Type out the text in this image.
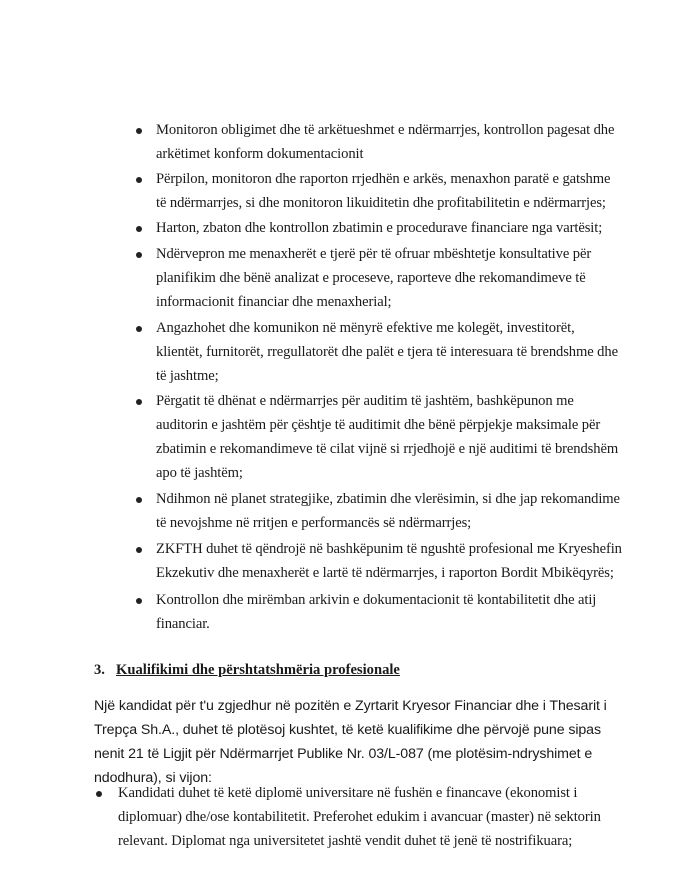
Monitoron obligimet dhe të arkëtueshmet e ndërmarrjes, kontrollon pagesat dhe arkëtimet konform dokumentacionit
Përpilon, monitoron dhe raporton rrjedhën e arkës, menaxhon paratë e gatshme të ndërmarrjes, si dhe monitoron likuiditetin dhe profitabilitetin e ndërmarrjes;
Harton, zbaton dhe kontrollon zbatimin e procedurave financiare nga vartësit;
Ndërvepron me menaxherët e tjerë për të ofruar mbështetje konsultative për planifikim dhe bënë analizat e proceseve, raporteve dhe rekomandimeve të informacionit financiar dhe menaxherial;
Angazhohet dhe komunikon në mënyrë efektive me kolegët, investitorët, klientët, furnitorët, rregullatorët dhe palët e tjera të interesuara të brendshme dhe të jashtme;
Përgatit të dhënat e ndërmarrjes për auditim të jashtëm, bashkëpunon me auditorin e jashtëm për çështje të auditimit dhe bënë përpjekje maksimale për zbatimin e rekomandimeve të cilat vijnë si rrjedhojë e një auditimi të brendshëm apo të jashtëm;
Ndihmon në planet strategjike, zbatimin dhe vlerësimin, si dhe jap rekomandime të nevojshme në rritjen e performancës së ndërmarrjes;
ZKFTH duhet të qëndrojë në bashkëpunim të ngushtë profesional me Kryeshefin Ekzekutiv dhe menaxherët e lartë të ndërmarrjes, i raporton Bordit Mbikëqyrës;
Kontrollon dhe mirëmban arkivin e dokumentacionit të kontabilitetit dhe atij financiar.
3. Kualifikimi dhe përshtatshmëria profesionale

Një kandidat për t'u zgjedhur në pozitën e Zyrtarit Kryesor Financiar dhe i Thesarit i Trepça Sh.A., duhet të plotësoj kushtet, të ketë kualifikime dhe përvojë pune sipas nenit 21 të Ligjit për Ndërmarrjet Publike Nr. 03/L-087 (me plotësim-ndryshimet e ndodhura), si vijon:

Kandidati duhet të ketë diplomë universitare në fushën e financave (ekonomist i diplomuar) dhe/ose kontabilitetit. Preferohet edukim i avancuar (master) në sektorin relevant. Diplomat nga universitetet jashtë vendit duhet të jenë të nostrifikuara;
